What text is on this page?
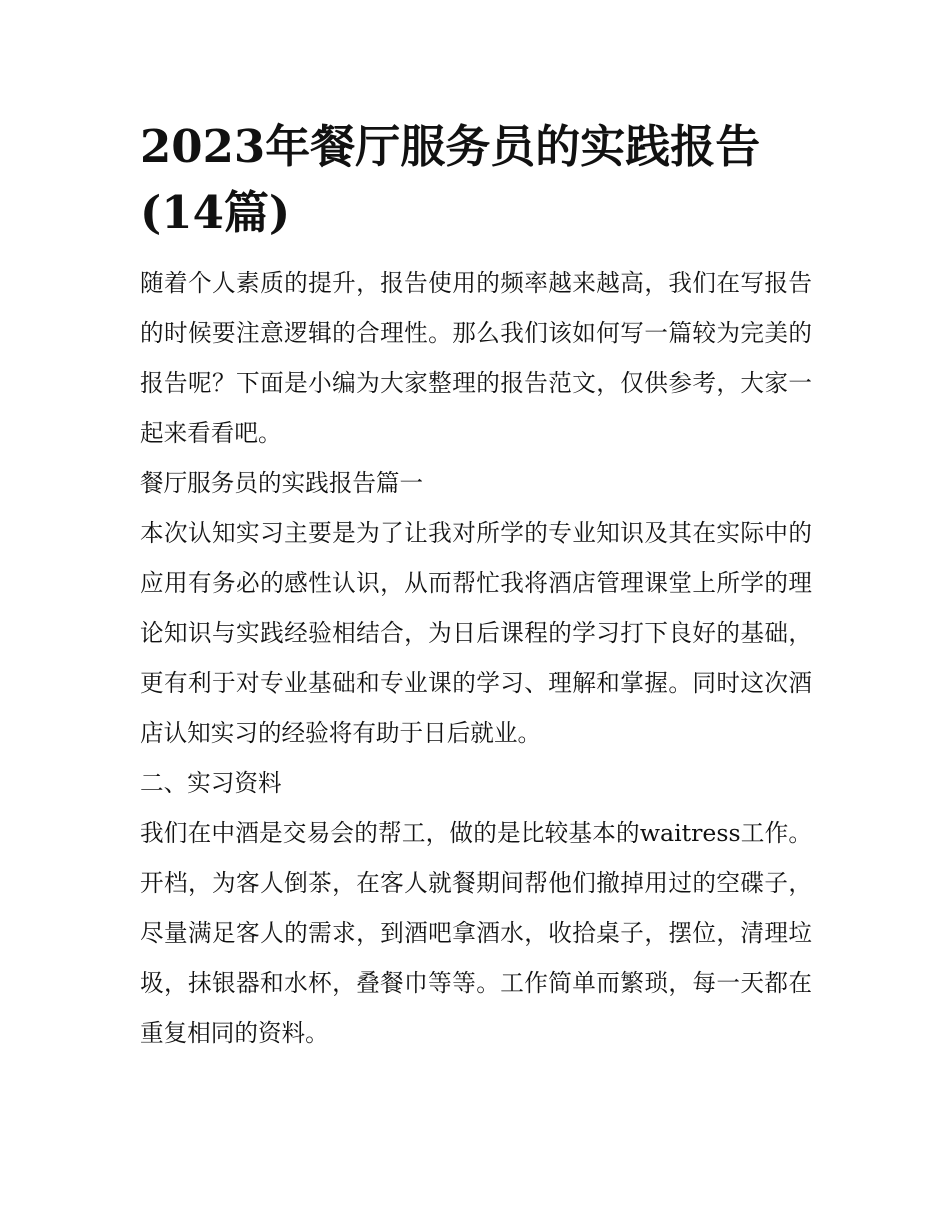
2023年餐厅服务员的实践报告(14篇)

随着个人素质的提升，报告使用的频率越来越高，我们在写报告的时候要注意逻辑的合理性。那么我们该如何写一篇较为完美的报告呢？下面是小编为大家整理的报告范文，仅供参考，大家一起来看看吧。

餐厅服务员的实践报告篇一

本次认知实习主要是为了让我对所学的专业知识及其在实际中的应用有务必的感性认识，从而帮忙我将酒店管理课堂上所学的理论知识与实践经验相结合，为日后课程的学习打下良好的基础，更有利于对专业基础和专业课的学习、理解和掌握。同时这次酒店认知实习的经验将有助于日后就业。

二、实习资料

我们在中酒是交易会的帮工，做的是比较基本的waitress工作。开档，为客人倒茶，在客人就餐期间帮他们撤掉用过的空碟子，尽量满足客人的需求，到酒吧拿酒水，收拾桌子，摆位，清理垃圾，抹银器和水杯，叠餐巾等等。工作简单而繁琐，每一天都在重复相同的资料。
